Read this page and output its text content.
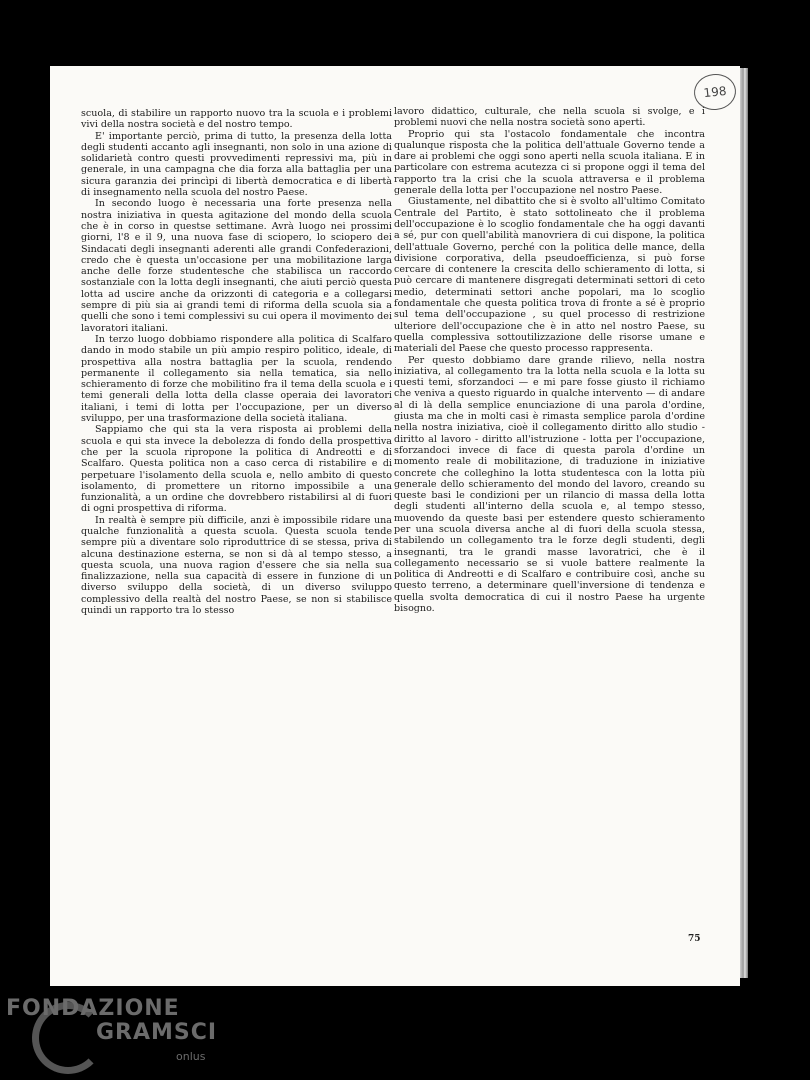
198

scuola, di stabilire un rapporto nuovo tra la scuola e i problemi vivi della nostra società e del nostro tempo.

E' importante perciò, prima di tutto, la presenza della lotta degli studenti accanto agli insegnanti, non solo in una azione di solidarietà contro questi provvedimenti repressivi ma, più in generale, in una campagna che dia forza alla battaglia per una sicura garanzia dei princìpi di libertà democratica e di libertà di insegnamento nella scuola del nostro Paese.

In secondo luogo è necessaria una forte presenza nella nostra iniziativa in questa agitazione del mondo della scuola che è in corso in questse settimane. Avrà luogo nei prossimi giorni, l'8 e il 9, una nuova fase di sciopero, lo sciopero dei Sindacati degli insegnanti aderenti alle grandi Confederazioni, credo che è questa un'occasione per una mobilitazione larga anche delle forze studentesche che stabilisca un raccordo sostanziale con la lotta degli insegnanti, che aiuti perciò questa lotta ad uscire anche da orizzonti di categoria e a collegarsi sempre di più sia ai grandi temi di riforma della scuola sia a quelli che sono i temi complessivi su cui opera il movimento dei lavoratori italiani.

In terzo luogo dobbiamo rispondere alla politica di Scalfaro dando in modo stabile un più ampio respiro politico, ideale, di prospettiva alla nostra battaglia per la scuola, rendendo permanente il collegamento sia nella tematica, sia nello schieramento di forze che mobilitino fra il tema della scuola e i temi generali della lotta della classe operaia dei lavoratori italiani, i temi di lotta per l'occupazione, per un diverso sviluppo, per una trasformazione della società italiana.

Sappiamo che qui sta la vera risposta ai problemi della scuola e qui sta invece la debolezza di fondo della prospettiva che per la scuola ripropone la politica di Andreotti e di Scalfaro. Questa politica non a caso cerca di ristabilire e di perpetuare l'isolamento della scuola e, nello ambito di questo isolamento, di promettere un ritorno impossibile a una funzionalità, a un ordine che dovrebbero ristabilirsi al di fuori di ogni prospettiva di riforma.

In realtà è sempre più difficile, anzi è impossibile ridare una qualche funzionalità a questa scuola. Questa scuola tende sempre più a diventare solo riproduttrice di se stessa, priva di alcuna destinazione esterna, se non si dà al tempo stesso, a questa scuola, una nuova ragion d'essere che sia nella sua finalizzazione, nella sua capacità di essere in funzione di un diverso sviluppo della società, di un diverso sviluppo complessivo della realtà del nostro Paese, se non si stabilisce quindi un rapporto tra lo stesso

lavoro didattico, culturale, che nella scuola si svolge, e i problemi nuovi che nella nostra società sono aperti.

Proprio qui sta l'ostacolo fondamentale che incontra qualunque risposta che la politica dell'attuale Governo tende a dare ai problemi che oggi sono aperti nella scuola italiana. E in particolare con estrema acutezza ci si propone oggi il tema del rapporto tra la crisi che la scuola attraversa e il problema generale della lotta per l'occupazione nel nostro Paese.

Giustamente, nel dibattito che si è svolto all'ultimo Comitato Centrale del Partito, è stato sottolineato che il problema dell'occupazione è lo scoglio fondamentale che ha oggi davanti a sé, pur con quell'abilità manovriera di cui dispone, la politica dell'attuale Governo, perché con la politica delle mance, della divisione corporativa, della pseudoefficienza, si può forse cercare di contenere la crescita dello schieramento di lotta, si può cercare di mantenere disgregati determinati settori di ceto medio, determinati settori anche popolari, ma lo scoglio fondamentale che questa politica trova di fronte a sé è proprio sul tema dell'occupazione , su quel processo di restrizione ulteriore dell'occupazione che è in atto nel nostro Paese, su quella complessiva sottoutilizzazione delle risorse umane e materiali del Paese che questo processo rappresenta.

Per questo dobbiamo dare grande rilievo, nella nostra iniziativa, al collegamento tra la lotta nella scuola e la lotta su questi temi, sforzandoci — e mi pare fosse giusto il richiamo che veniva a questo riguardo in qualche intervento — di andare al di là della semplice enunciazione di una parola d'ordine, giusta ma che in molti casi è rimasta semplice parola d'ordine nella nostra iniziativa, cioè il collegamento diritto allo studio - diritto al lavoro - diritto all'istruzione - lotta per l'occupazione, sforzandoci invece di face di questa parola d'ordine un momento reale di mobilitazione, di traduzione in iniziative concrete che colleghino la lotta studentesca con la lotta più generale dello schieramento del mondo del lavoro, creando su queste basi le condizioni per un rilancio di massa della lotta degli studenti all'interno della scuola e, al tempo stesso, muovendo da queste basi per estendere questo schieramento per una scuola diversa anche al di fuori della scuola stessa, stabilendo un collegamento tra le forze degli studenti, degli insegnanti, tra le grandi masse lavoratrici, che è il collegamento necessario se si vuole battere realmente la politica di Andreotti e di Scalfaro e contribuire così, anche su questo terreno, a determinare quell'inversione di tendenza e quella svolta democratica di cui il nostro Paese ha urgente bisogno.

75
FONDAZIONE
GRAMSCI
onlus
